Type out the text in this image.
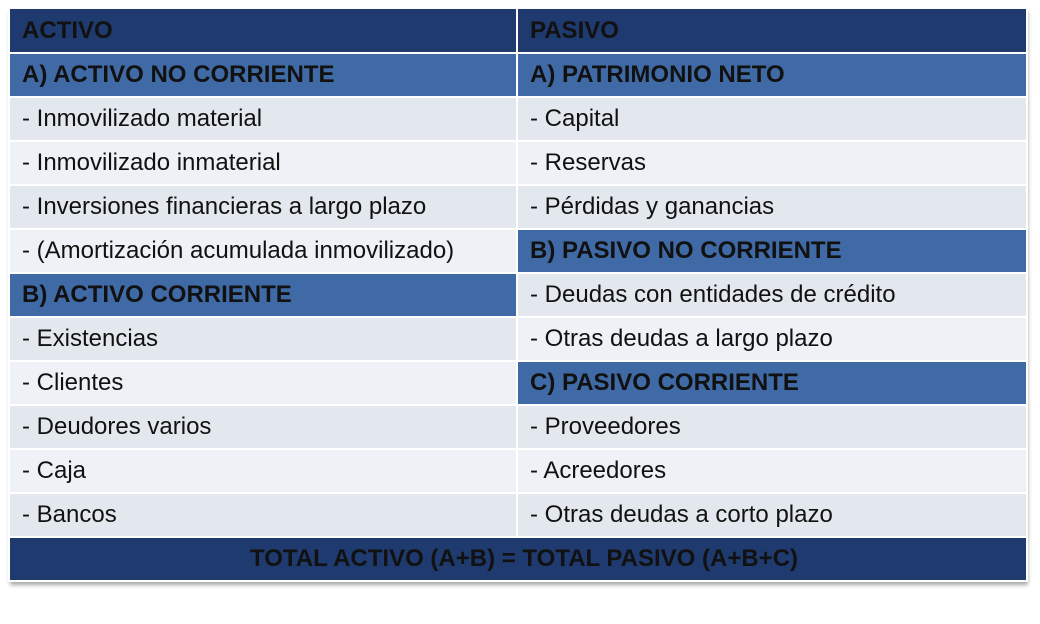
ACTIVO	PASIVO
A) ACTIVO NO CORRIENTE	A) PATRIMONIO NETO
- Inmovilizado material	- Capital
- Inmovilizado inmaterial	- Reservas
- Inversiones financieras a largo plazo	- Pérdidas y ganancias
- (Amortización acumulada inmovilizado)	B) PASIVO NO CORRIENTE
B) ACTIVO CORRIENTE	- Deudas con entidades de crédito
- Existencias	- Otras deudas a largo plazo
- Clientes	C) PASIVO CORRIENTE
- Deudores varios	- Proveedores
- Caja	- Acreedores
- Bancos	- Otras deudas a corto plazo
TOTAL ACTIVO (A+B) = TOTAL PASIVO (A+B+C)	
